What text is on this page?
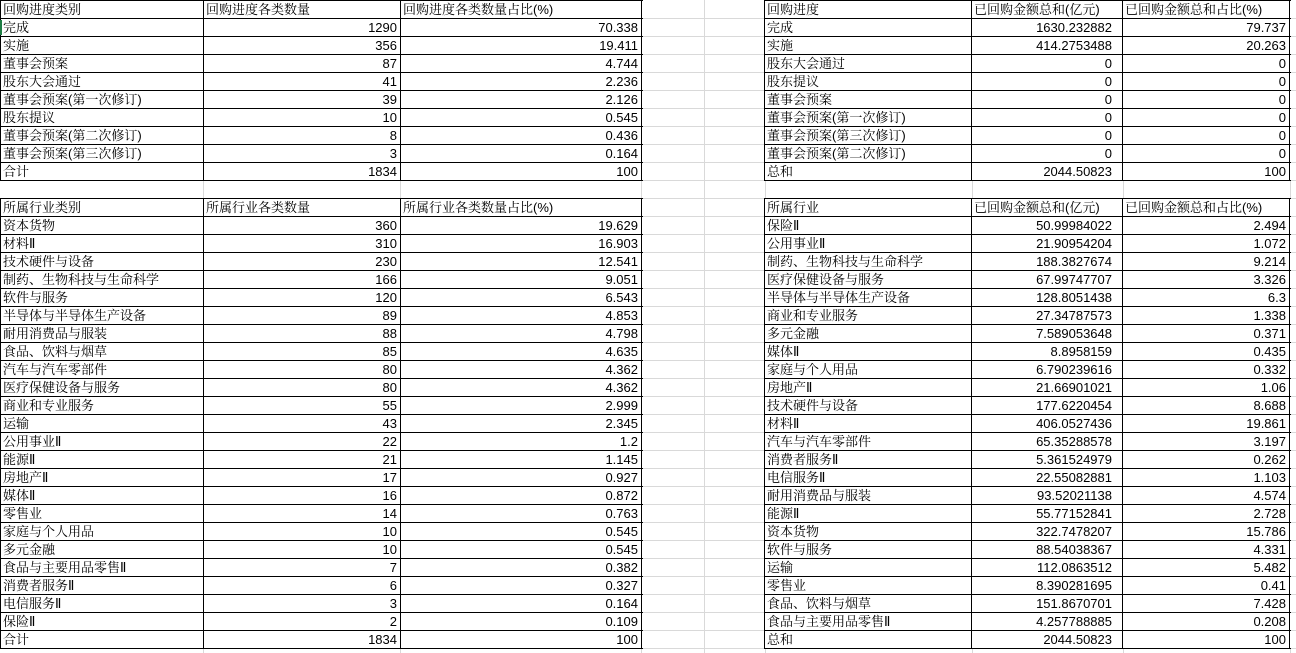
回购进度类别	回购进度各类数量	回购进度各类数量占比(%)
完成	1290	70.338
实施	356	19.411
董事会预案	87	4.744
股东大会通过	41	2.236
董事会预案(第一次修订)	39	2.126
股东提议	10	0.545
董事会预案(第二次修订)	8	0.436
董事会预案(第三次修订)	3	0.164
合计	1834	100
回购进度	已回购金额总和(亿元)	已回购金额总和占比(%)
完成	1630.232882	79.737
实施	414.2753488	20.263
股东大会通过	0	0
股东提议	0	0
董事会预案	0	0
董事会预案(第一次修订)	0	0
董事会预案(第三次修订)	0	0
董事会预案(第二次修订)	0	0
总和	2044.50823	100
所属行业类别	所属行业各类数量	所属行业各类数量占比(%)
资本货物	360	19.629
材料Ⅱ	310	16.903
技术硬件与设备	230	12.541
制药、生物科技与生命科学	166	9.051
软件与服务	120	6.543
半导体与半导体生产设备	89	4.853
耐用消费品与服装	88	4.798
食品、饮料与烟草	85	4.635
汽车与汽车零部件	80	4.362
医疗保健设备与服务	80	4.362
商业和专业服务	55	2.999
运输	43	2.345
公用事业Ⅱ	22	1.2
能源Ⅱ	21	1.145
房地产Ⅱ	17	0.927
媒体Ⅱ	16	0.872
零售业	14	0.763
家庭与个人用品	10	0.545
多元金融	10	0.545
食品与主要用品零售Ⅱ	7	0.382
消费者服务Ⅱ	6	0.327
电信服务Ⅱ	3	0.164
保险Ⅱ	2	0.109
合计	1834	100
所属行业	已回购金额总和(亿元)	已回购金额总和占比(%)
保险Ⅱ	50.99984022	2.494
公用事业Ⅱ	21.90954204	1.072
制药、生物科技与生命科学	188.3827674	9.214
医疗保健设备与服务	67.99747707	3.326
半导体与半导体生产设备	128.8051438	6.3
商业和专业服务	27.34787573	1.338
多元金融	7.589053648	0.371
媒体Ⅱ	8.8958159	0.435
家庭与个人用品	6.790239616	0.332
房地产Ⅱ	21.66901021	1.06
技术硬件与设备	177.6220454	8.688
材料Ⅱ	406.0527436	19.861
汽车与汽车零部件	65.35288578	3.197
消费者服务Ⅱ	5.361524979	0.262
电信服务Ⅱ	22.55082881	1.103
耐用消费品与服装	93.52021138	4.574
能源Ⅱ	55.77152841	2.728
资本货物	322.7478207	15.786
软件与服务	88.54038367	4.331
运输	112.0863512	5.482
零售业	8.390281695	0.41
食品、饮料与烟草	151.8670701	7.428
食品与主要用品零售Ⅱ	4.257788885	0.208
总和	2044.50823	100
